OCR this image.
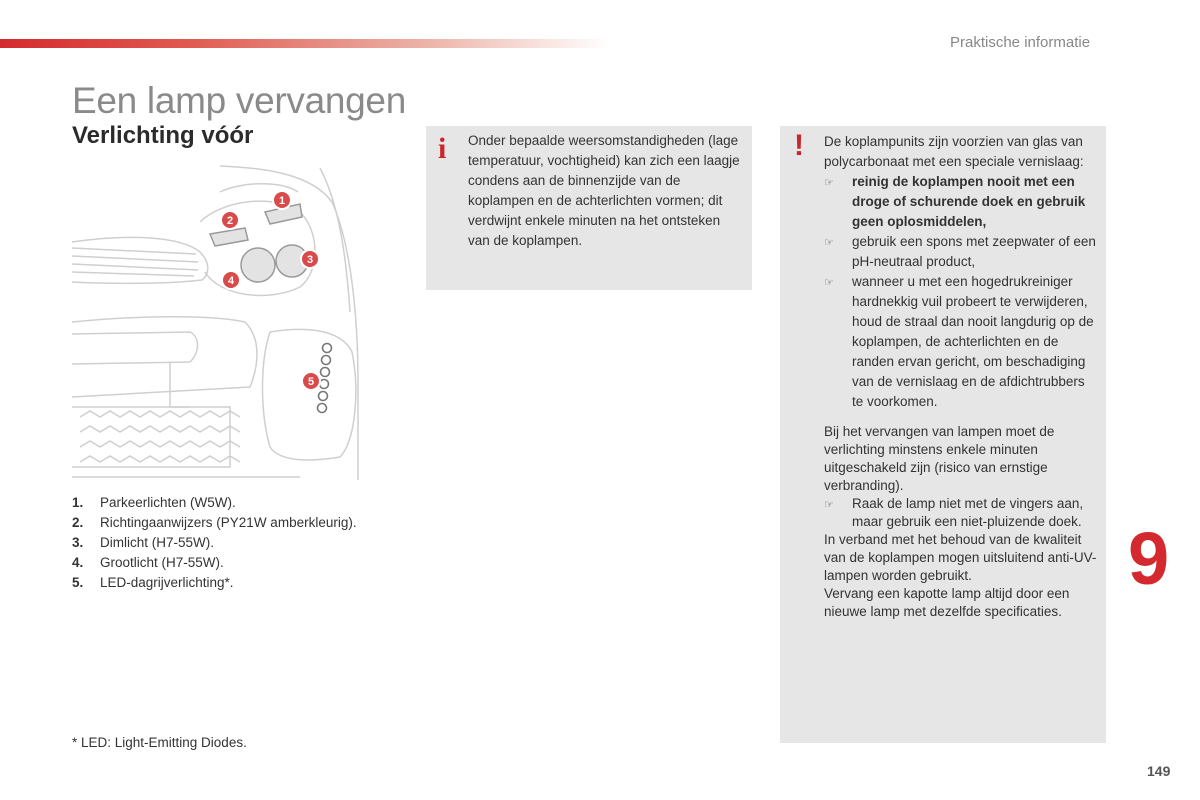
Praktische informatie
Een lamp vervangen
Verlichting vóór
1
2
3
4
5
1.	Parkeerlichten (W5W).
2.	Richtingaanwijzers (PY21W amberkleurig).
3.	Dimlicht (H7-55W).
4.	Grootlicht (H7-55W).
5.	LED-dagrijverlichting*.
* LED: Light-Emitting Diodes.
i Onder bepaalde weersomstandigheden (lage temperatuur, vochtigheid) kan zich een laagje condens aan de binnenzijde van de koplampen en de achterlichten vormen; dit verdwijnt enkele minuten na het ontsteken van de koplampen.
! De koplampunits zijn voorzien van glas van polycarbonaat met een speciale vernislaag:
☞	reinig de koplampen nooit met een droge of schurende doek en gebruik geen oplosmiddelen,
☞	gebruik een spons met zeepwater of een pH-neutraal product,
☞	wanneer u met een hogedrukreiniger hardnekkig vuil probeert te verwijderen, houd de straal dan nooit langdurig op de koplampen, de achterlichten en de randen ervan gericht, om beschadiging van de vernislaag en de afdichtrubbers te voorkomen.
Bij het vervangen van lampen moet de verlichting minstens enkele minuten uitgeschakeld zijn (risico van ernstige verbranding).
☞	Raak de lamp niet met de vingers aan, maar gebruik een niet-pluizende doek.
In verband met het behoud van de kwaliteit van de koplampen mogen uitsluitend anti-UV-lampen worden gebruikt.
Vervang een kapotte lamp altijd door een nieuwe lamp met dezelfde specificaties.
9
149
